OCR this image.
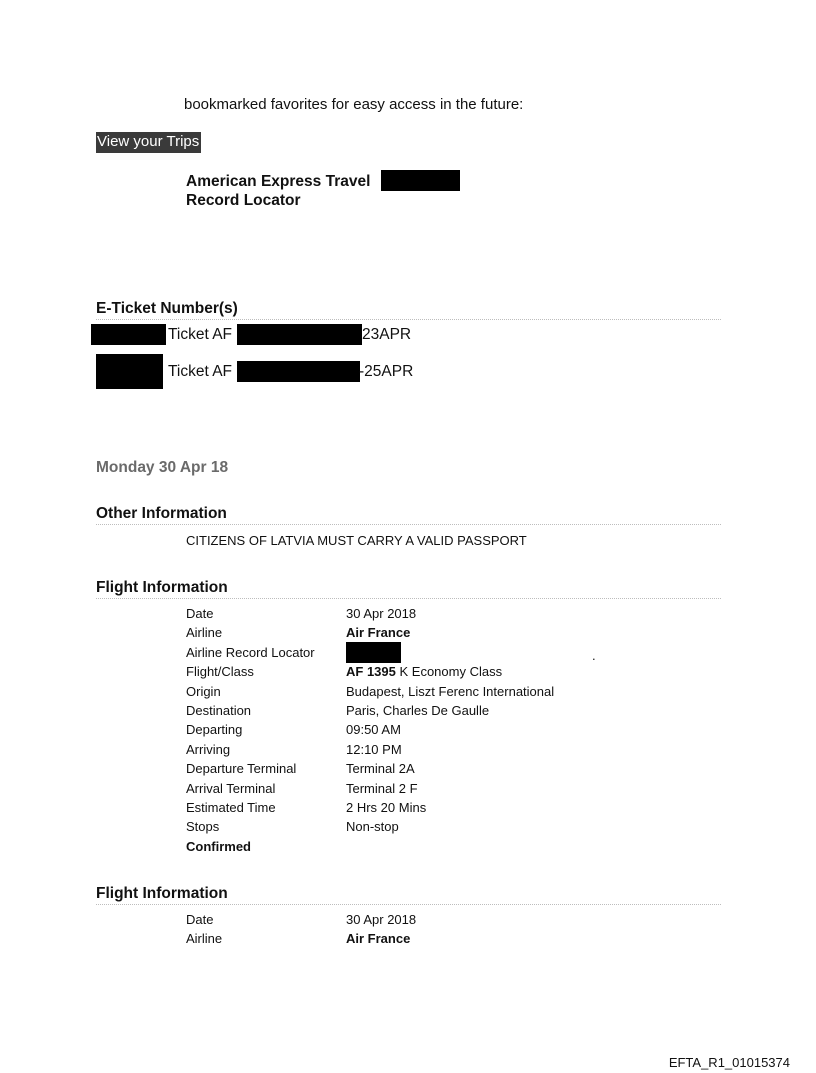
bookmarked favorites for easy access in the future:
View your Trips
American Express Travel
Record Locator
E-Ticket Number(s)
Ticket AF	23APR
Ticket AF	-25APR
Monday 30 Apr 18
Other Information
CITIZENS OF LATVIA MUST CARRY A VALID PASSPORT
Flight Information
Date	30 Apr 2018
Airline	Air France
Airline Record Locator
Flight/Class	AF 1395 K Economy Class
Origin	Budapest, Liszt Ferenc International
Destination	Paris, Charles De Gaulle
Departing	09:50 AM
Arriving	12:10 PM
Departure Terminal	Terminal 2A
Arrival Terminal	Terminal 2 F
Estimated Time	2 Hrs 20 Mins
Stops	Non-stop
Confirmed
.
Flight Information
Date	30 Apr 2018
Airline	Air France
EFTA_R1_01015374
